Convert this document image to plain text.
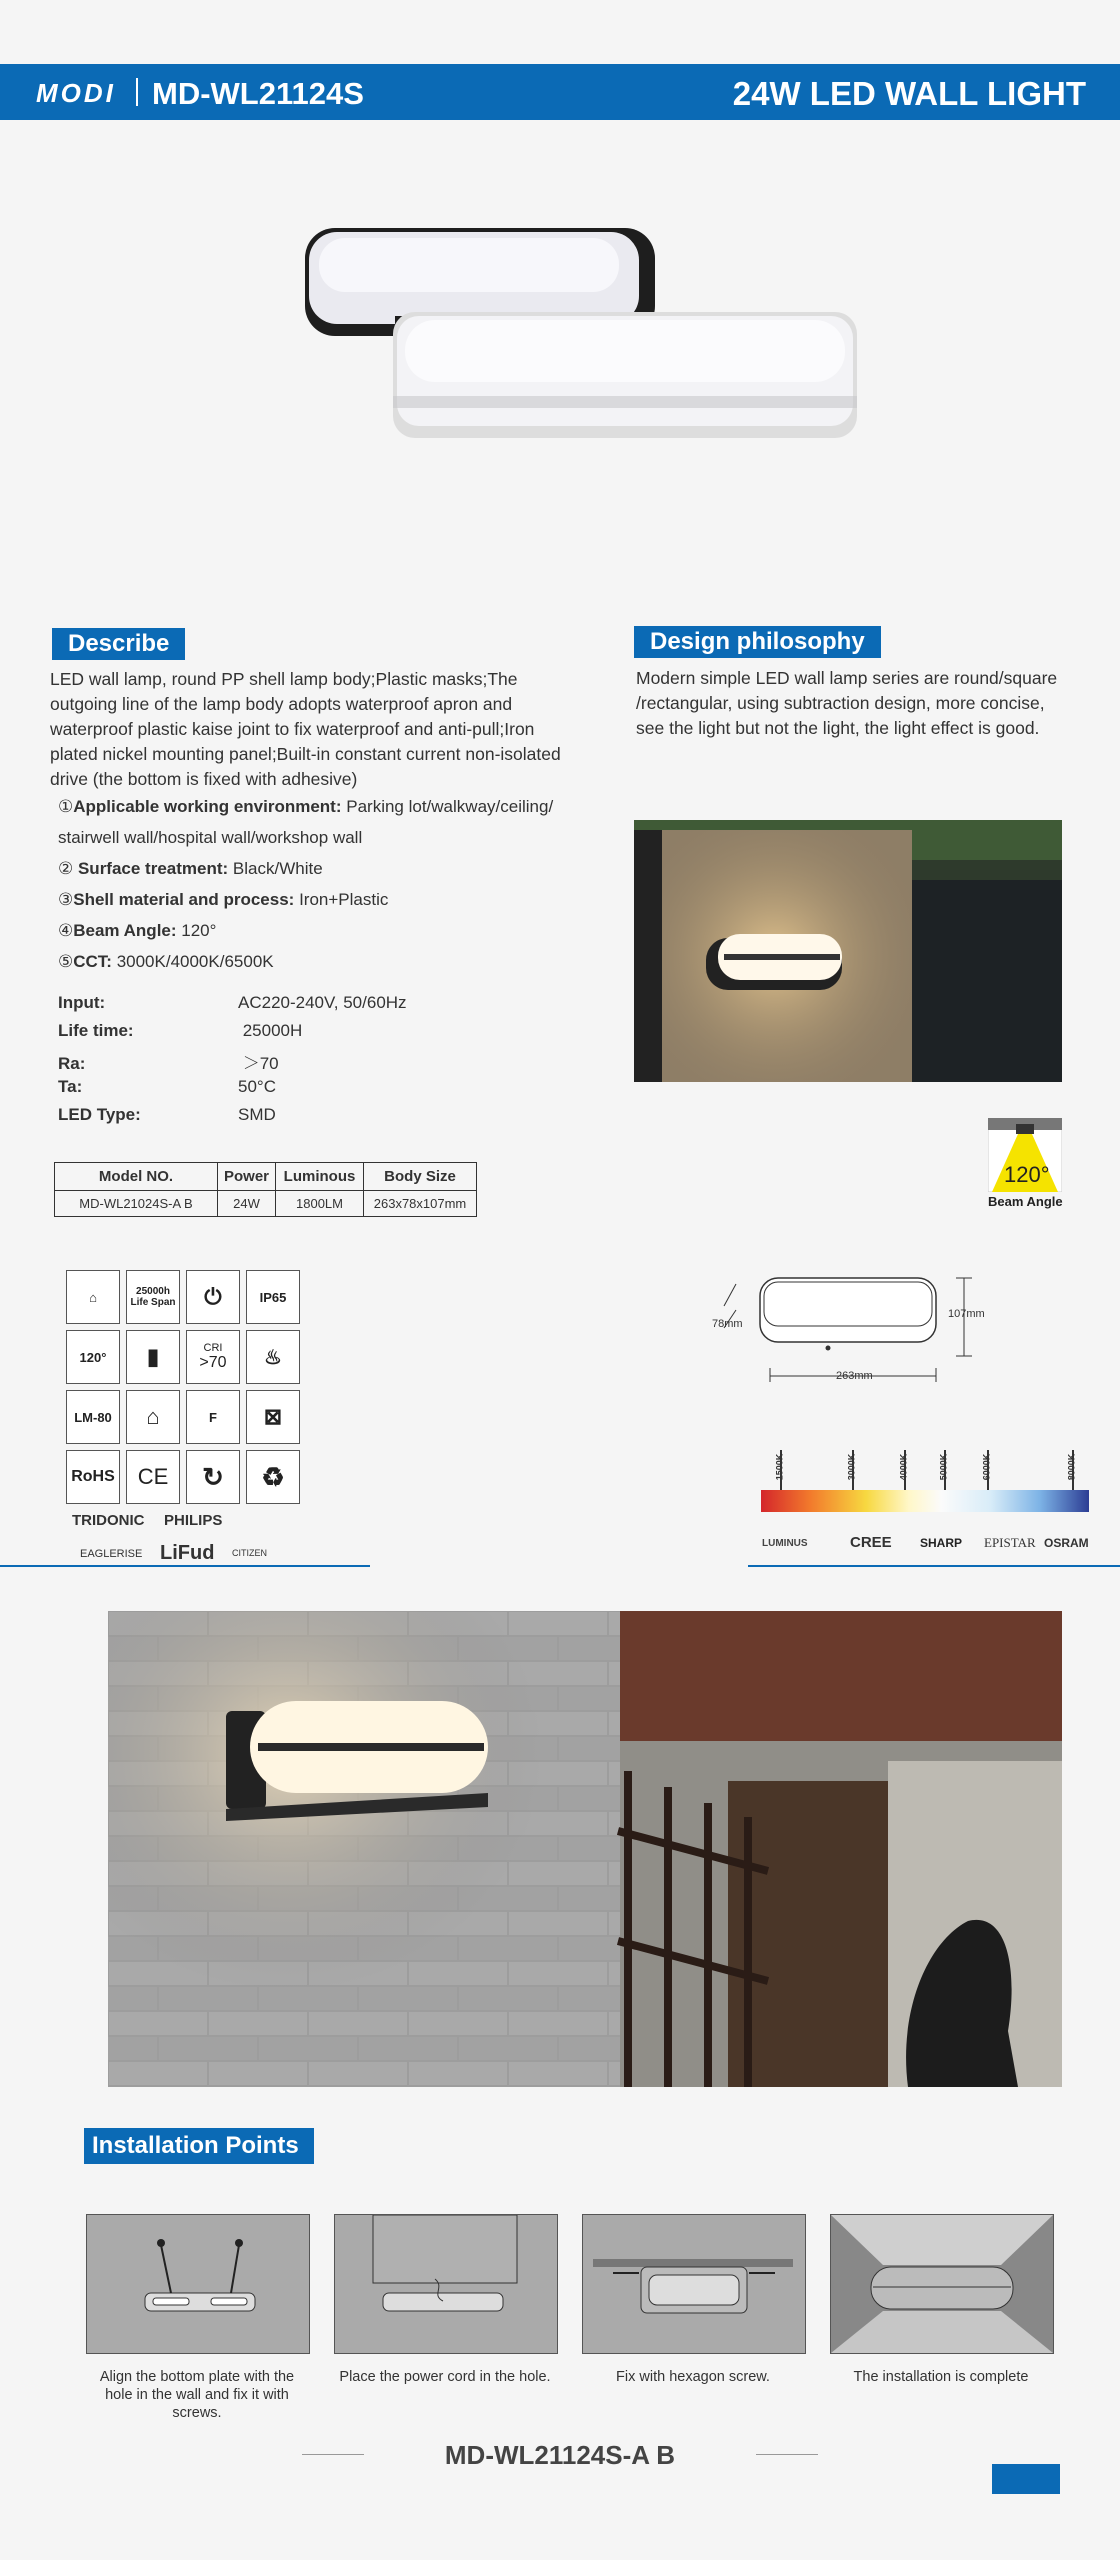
MODI MD-WL21124S	24W LED WALL LIGHT
Describe
LED wall lamp, round PP shell lamp body;Plastic masks;The outgoing line of the lamp body adopts waterproof apron and waterproof plastic kaise joint to fix waterproof and anti-pull;Iron plated nickel mounting panel;Built-in constant current non-isolated drive (the bottom is fixed with adhesive)
①Applicable working environment: Parking lot/walkway/ceiling/ stairwell wall/hospital wall/workshop wall
② Surface treatment: Black/White
③Shell material and process: Iron+Plastic
④Beam Angle: 120°
⑤CCT: 3000K/4000K/6500K
Input:	AC220-240V, 50/60Hz
Life time:	25000H
Ra:	＞70
Ta:	50°C
LED Type:	SMD
Model NO.	Power	Luminous	Body Size
MD-WL21024S-A B	24W	1800LM	263x78x107mm
Design philosophy
Modern simple LED wall lamp series are round/square /rectangular, using subtraction design, more concise, see the light but not the light, the light effect is good.
120°
Beam Angle
⌂	25000h Life Span	⏻	IP65
120°	▮	CRI
>70	♨
LM-80	⌂	F	⊠
RoHS	CE	↻	♻
TRIDONIC PHILIPS
EAGLERISE LiFud CITIZEN
107mm
78mm
263mm
1500K	3000K	4000K	5000K	6000K	8000K
LUMINUS	CREE SHARP EPISTAR OSRAM
Installation Points
Align the bottom plate with the hole in the wall and fix it with screws.
Place the power cord in the hole.	Fix with hexagon screw.	The installation is complete
MD-WL21124S-A B
